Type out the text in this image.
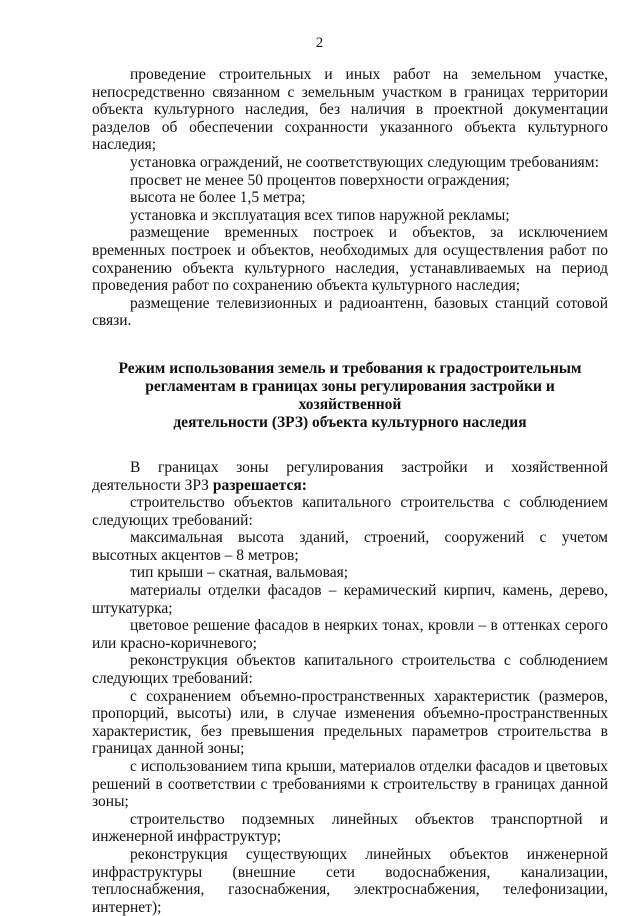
2

проведение строительных и иных работ на земельном участке, непосредственно связанном с земельным участком в границах территории объекта культурного наследия, без наличия в проектной документации разделов об обеспечении сохранности указанного объекта культурного наследия;

установка ограждений, не соответствующих следующим требованиям:

просвет не менее 50 процентов поверхности ограждения;

высота не более 1,5 метра;

установка и эксплуатация всех типов наружной рекламы;

размещение временных построек и объектов, за исключением временных построек и объектов, необходимых для осуществления работ по сохранению объекта культурного наследия, устанавливаемых на период проведения работ по сохранению объекта культурного наследия;

размещение телевизионных и радиоантенн, базовых станций сотовой связи.

Режим использования земель и требования к градостроительным
регламентам в границах зоны регулирования застройки и хозяйственной
деятельности (ЗРЗ) объекта культурного наследия

В границах зоны регулирования застройки и хозяйственной деятельности ЗРЗ разрешается:

строительство объектов капитального строительства с соблюдением следующих требований:

максимальная высота зданий, строений, сооружений с учетом высотных акцентов – 8 метров;

тип крыши – скатная, вальмовая;

материалы отделки фасадов – керамический кирпич, камень, дерево, штукатурка;

цветовое решение фасадов в неярких тонах, кровли – в оттенках серого или красно-коричневого;

реконструкция объектов капитального строительства с соблюдением следующих требований:

с сохранением объемно-пространственных характеристик (размеров, пропорций, высоты) или, в случае изменения объемно-пространственных характеристик, без превышения предельных параметров строительства в границах данной зоны;

с использованием типа крыши, материалов отделки фасадов и цветовых решений в соответствии с требованиями к строительству в границах данной зоны;

строительство подземных линейных объектов транспортной и инженерной инфраструктур;

реконструкция существующих линейных объектов инженерной инфраструктуры (внешние сети водоснабжения, канализации, теплоснабжения, газоснабжения, электроснабжения, телефонизации, интернет);
